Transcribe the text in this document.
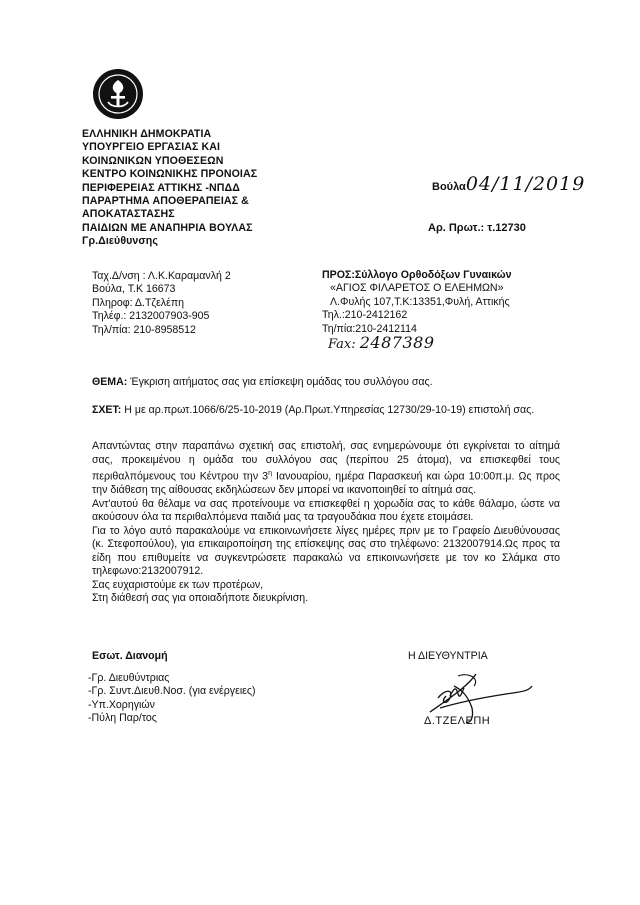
ΕΛΛΗΝΙΚΗ ΔΗΜΟΚΡΑΤΙΑ
ΥΠΟΥΡΓΕΙΟ ΕΡΓΑΣΙΑΣ ΚΑΙ
ΚΟΙΝΩΝΙΚΩΝ ΥΠΟΘΕΣΕΩΝ
ΚΕΝΤΡΟ ΚΟΙΝΩΝΙΚΗΣ ΠΡΟΝΟΙΑΣ
ΠΕΡΙΦΕΡΕΙΑΣ ΑΤΤΙΚΗΣ -ΝΠΔΔ
ΠΑΡΑΡΤΗΜΑ ΑΠΟΘΕΡΑΠΕΙΑΣ &
ΑΠΟΚΑΤΑΣΤΑΣΗΣ
ΠΑΙΔΙΩΝ ΜΕ ΑΝΑΠΗΡΙΑ ΒΟΥΛΑΣ
Γρ.Διεύθυνσης
Βούλα04/11/2019
Αρ. Πρωτ.: τ.12730
Ταχ.Δ/νση : Λ.Κ.Καραμανλή 2
Βούλα, Τ.Κ 16673
Πληροφ: Δ.Τζελέπη
Τηλέφ.: 2132007903-905
Τηλ/πία: 210-8958512
ΠΡΟΣ:Σύλλογο Ορθοδόξων Γυναικών
«ΑΓΙΟΣ ΦΙΛΑΡΕΤΟΣ Ο ΕΛΕΗΜΩΝ»
Λ.Φυλής 107,Τ.Κ:13351,Φυλή, Αττικής
Τηλ.:210-2412162
Τη/πία:210-2412114
Fax: 2487389
ΘΕΜΑ: Έγκριση αιτήματος σας για επίσκεψη ομάδας του συλλόγου σας.
ΣΧΕΤ: Η με αρ.πρωτ.1066/6/25-10-2019 (Αρ.Πρωτ.Υπηρεσίας 12730/29-10-19) επιστολή σας.

Απαντώντας στην παραπάνω σχετική σας επιστολή, σας ενημερώνουμε ότι εγκρίνεται το αίτημά σας, προκειμένου η ομάδα του συλλόγου σας (περίπου 25 άτομα), να επισκεφθεί τους περιθαλπόμενους του Κέντρου την $3^\eta$ Ιανουαρίου, ημέρα Παρασκευή και ώρα 10:00π.μ. Ως προς την διάθεση της αίθουσας εκδηλώσεων δεν μπορεί να ικανοποιηθεί το αίτημά σας.

Αντ'αυτού θα θέλαμε να σας προτείνουμε να επισκεφθεί η χορωδία σας το κάθε θάλαμο, ώστε να ακούσουν όλα τα περιθαλπόμενα παιδιά μας τα τραγουδάκια που έχετε ετοιμάσει.

Για το λόγο αυτό παρακαλούμε να επικοινωνήσετε λίγες ημέρες πριν με το Γραφείο Διευθύνουσας (κ. Στεφοπούλου), για επικαιροποίηση της επίσκεψης σας στο τηλέφωνο: 2132007914.Ως προς τα είδη που επιθυμείτε να συγκεντρώσετε παρακαλώ να επικοινωνήσετε με τον κο Σλάμκα στο τηλεφωνο:2132007912.

Σας ευχαριστούμε εκ των προτέρων,

Στη διάθεσή σας για οποιαδήποτε διευκρίνιση.

Εσωτ. Διανομή
-Γρ. Διευθύντριας
-Γρ. Συντ.Διευθ.Νοσ. (για ενέργειες)
-Υπ.Χορηγιών
-Πύλη Παρ/τος
Η ΔΙΕΥΘΥΝΤΡΙΑ
Δ.ΤΖΕΛΕΠΗ
